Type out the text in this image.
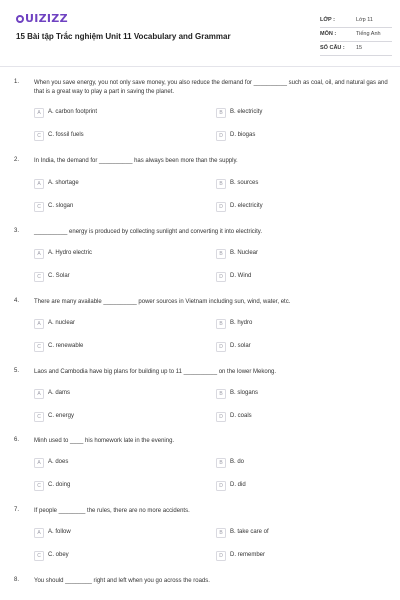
UIZIZZ
15 Bài tập Trắc nghiệm Unit 11 Vocabulary and Grammar
LỚP :	Lớp 11
MÔN :	Tiếng Anh
SỐ CÂU : 15
1. When you save energy, you not only save money, you also reduce the demand for __________ such as coal, oil, and natural gas and that is a great way to play a part in saving the planet.
A	A. carbon footprint	B	B. electricity
C	C. fossil fuels	D	D. biogas
2. In India, the demand for __________ has always been more than the supply.
A	A. shortage	B	B. sources
C	C. slogan	D	D. electricity
3. __________ energy is produced by collecting sunlight and converting it into electricity.
A	A. Hydro electric	B	B. Nuclear
C	C. Solar	D	D. Wind
4. There are many available __________ power sources in Vietnam including sun, wind, water, etc.
A	A. nuclear	B	B. hydro
C	C. renewable	D	D. solar
5. Laos and Cambodia have big plans for building up to 11 __________ on the lower Mekong.
A	A. dams	B	B. slogans
C	C. energy	D	D. coals
6. Minh used to ____ his homework late in the evening.
A	A. does	B	B. do
C	C. doing	D	D. did
7. If people ________ the rules, there are no more accidents.
A	A. follow	B	B. take care of
C	C. obey	D	D. remember
8. You should ________ right and left when you go across the roads.
